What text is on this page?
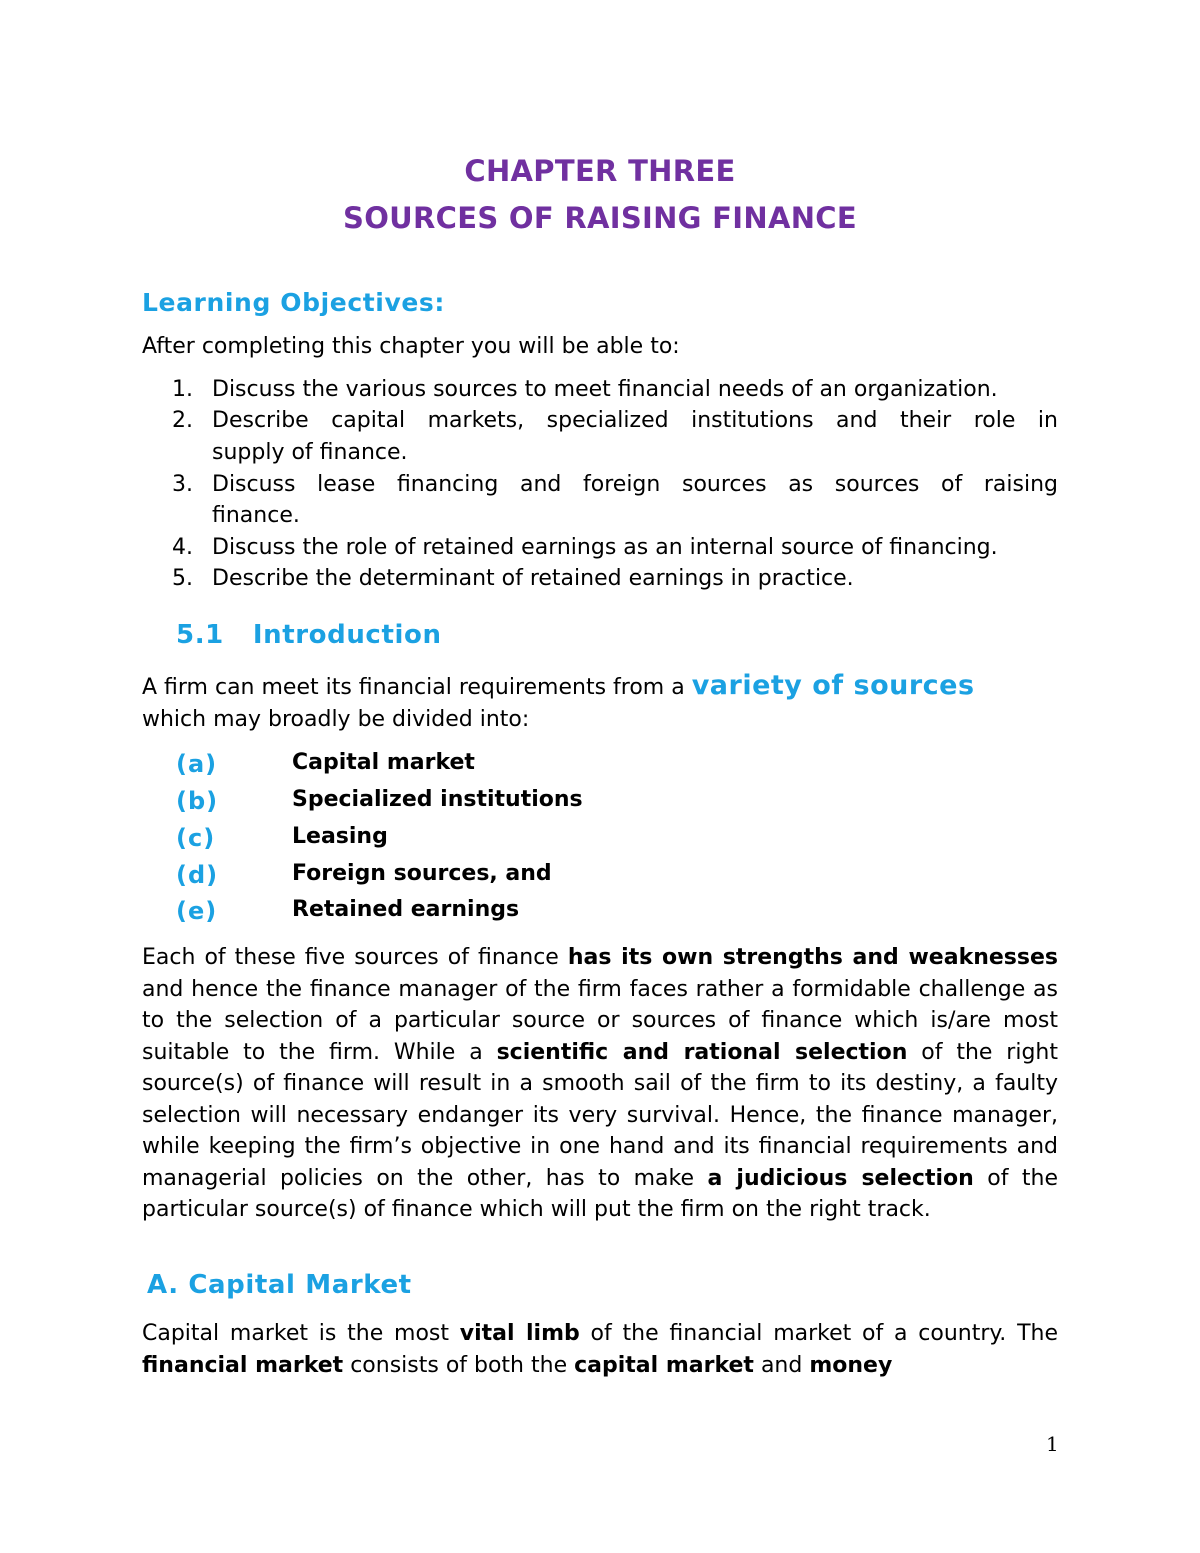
CHAPTER THREE
SOURCES OF RAISING FINANCE
Learning Objectives:
After completing this chapter you will be able to:
1. Discuss the various sources to meet financial needs of an organization.
2. Describe capital markets, specialized institutions and their role in
supply of finance.
3. Discuss lease financing and foreign sources as sources of raising
finance.
4. Discuss the role of retained earnings as an internal source of financing.
5. Describe the determinant of retained earnings in practice.
5.1   Introduction
A firm can meet its financial requirements from a variety of sources
which may broadly be divided into:
(a)	Capital market
(b)	Specialized institutions
(c)	Leasing
(d)	Foreign sources, and
(e)	Retained earnings

Each of these five sources of finance has its own strengths and weaknesses and hence the finance manager of the firm faces rather a formidable challenge as to the selection of a particular source or sources of finance which is/are most suitable to the firm. While a scientific and rational selection of the right source(s) of finance will result in a smooth sail of the firm to its destiny, a faulty selection will necessary endanger its very survival. Hence, the finance manager, while keeping the firm’s objective in one hand and its financial requirements and managerial policies on the other, has to make a judicious selection of the particular source(s) of finance which will put the firm on the right track.

A. Capital Market

Capital market is the most vital limb of the financial market of a country. The financial market consists of both the capital market and money

1
